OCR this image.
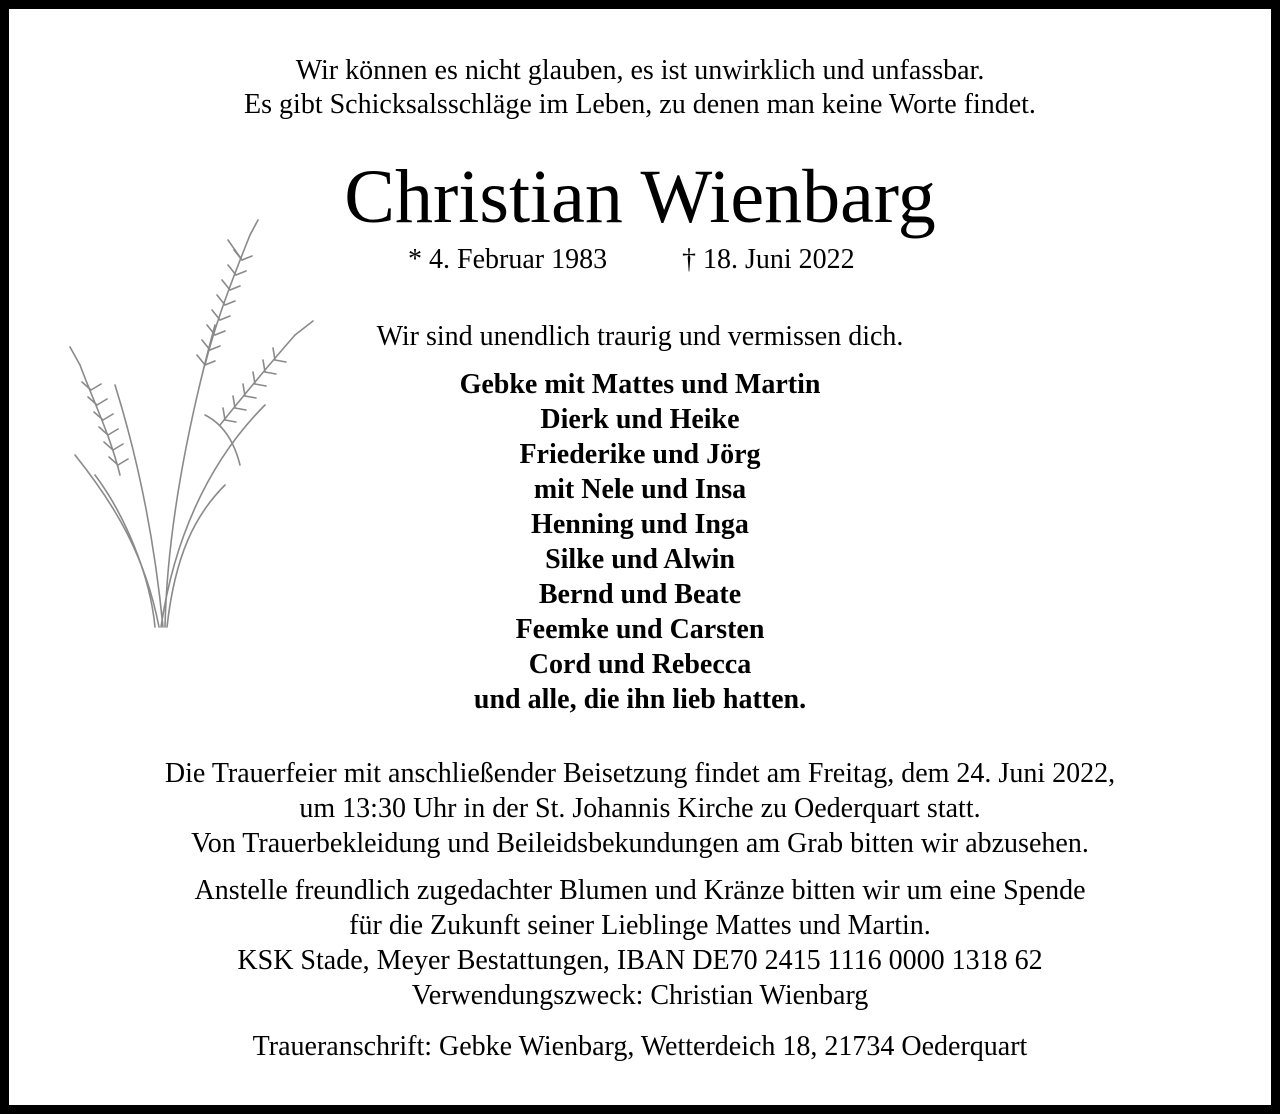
Wir können es nicht glauben, es ist unwirklich und unfassbar.
Es gibt Schicksalsschläge im Leben, zu denen man keine Worte findet.
Christian Wienbarg
* 4. Februar 1983	† 18. Juni 2022
Wir sind unendlich traurig und vermissen dich.
Gebke mit Mattes und Martin
Dierk und Heike
Friederike und Jörg
mit Nele und Insa
Henning und Inga
Silke und Alwin
Bernd und Beate
Feemke und Carsten
Cord und Rebecca
und alle, die ihn lieb hatten.
Die Trauerfeier mit anschließender Beisetzung findet am Freitag, dem 24. Juni 2022,
um 13:30 Uhr in der St. Johannis Kirche zu Oederquart statt.
Von Trauerbekleidung und Beileidsbekundungen am Grab bitten wir abzusehen.
Anstelle freundlich zugedachter Blumen und Kränze bitten wir um eine Spende
für die Zukunft seiner Lieblinge Mattes und Martin.
KSK Stade, Meyer Bestattungen, IBAN DE70 2415 1116 0000 1318 62
Verwendungszweck: Christian Wienbarg
Traueranschrift: Gebke Wienbarg, Wetterdeich 18, 21734 Oederquart
